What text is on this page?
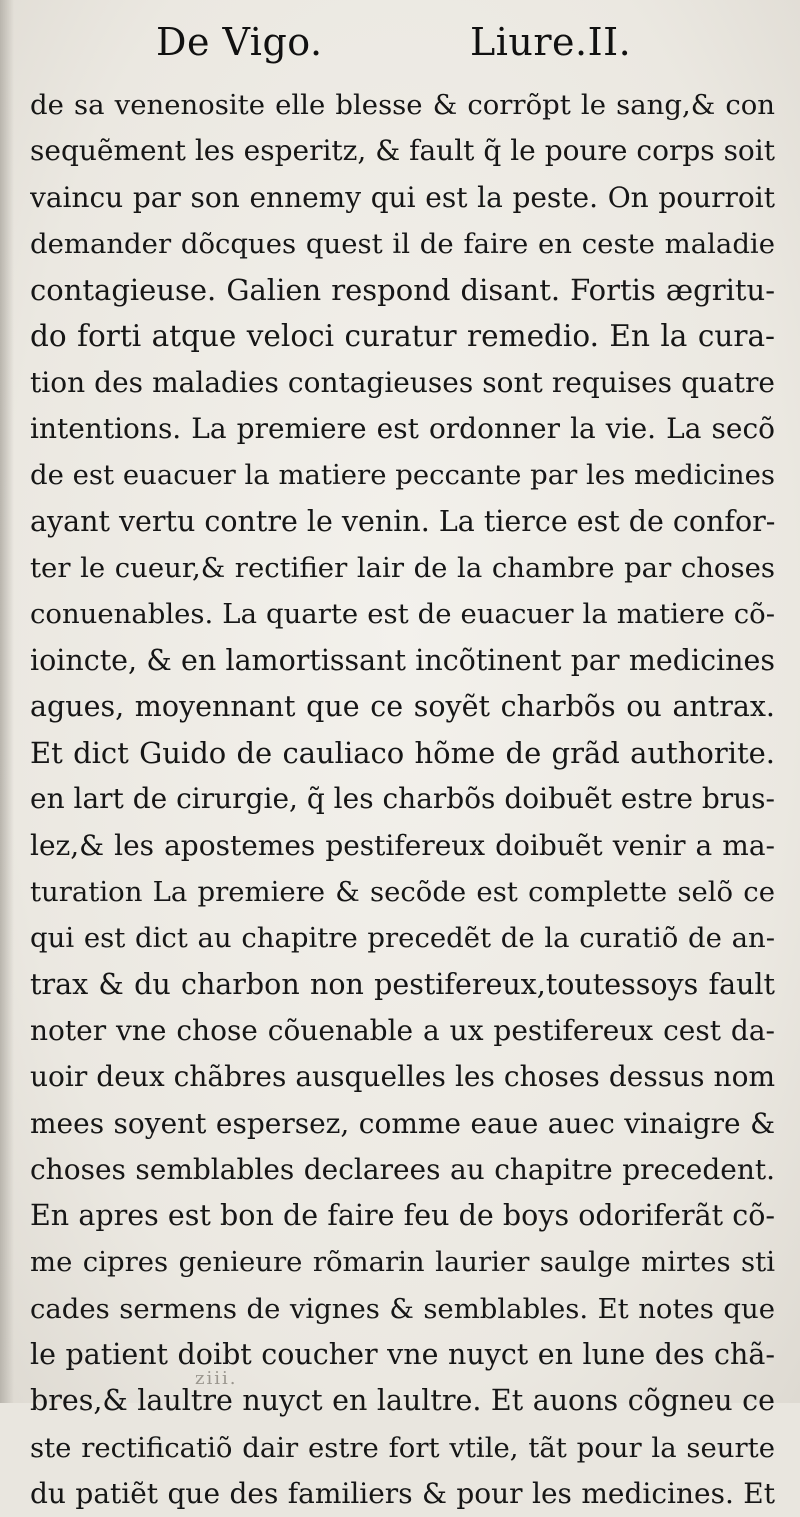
De Vigo.	Liure.II.
de sa venenosite elle blesse & corrõpt le sang,& con
sequẽment les esperitz, & fault q̃ le poure corps soit
vaincu par son ennemy qui est la peste. On pourroit
demander dõcques quest il de faire en ceste maladie
contagieuse. Galien respond disant. Fortis ægritu-
do forti atque veloci curatur remedio. En la cura-
tion des maladies contagieuses sont requises quatre
intentions. La premiere est ordonner la vie. La secõ
de est euacuer la matiere peccante par les medicines
ayant vertu contre le venin. La tierce est de confor-
ter le cueur,& rectifier lair de la chambre par choses
conuenables. La quarte est de euacuer la matiere cõ-
ioincte, & en lamortissant incõtinent par medicines
agues, moyennant que ce soyẽt charbõs ou antrax.
Et dict Guido de cauliaco hõme de grãd authorite.
en lart de cirurgie, q̃ les charbõs doibuẽt estre brus-
lez,& les apostemes pestifereux doibuẽt venir a ma-
turation La premiere & secõde est complette selõ ce
qui est dict au chapitre precedẽt de la curatiõ de an-
trax & du charbon non pestifereux,toutessoys fault
noter vne chose cõuenable a ux pestifereux cest da-
uoir deux chãbres ausquelles les choses dessus nom
mees soyent espersez, comme eaue auec vinaigre &
choses semblables declarees au chapitre precedent.
En apres est bon de faire feu de boys odoriferãt cõ-
me cipres genieure rõmarin laurier saulge mirtes sti
cades sermens de vignes & semblables. Et notes que
le patient doibt coucher vne nuyct en lune des chã-
bres,& laultre nuyct en laultre. Et auons cõgneu ce
ste rectificatiõ dair estre fort vtile, tãt pour la seurte
du patiẽt que des familiers & pour les medicines. Et
ziii.
